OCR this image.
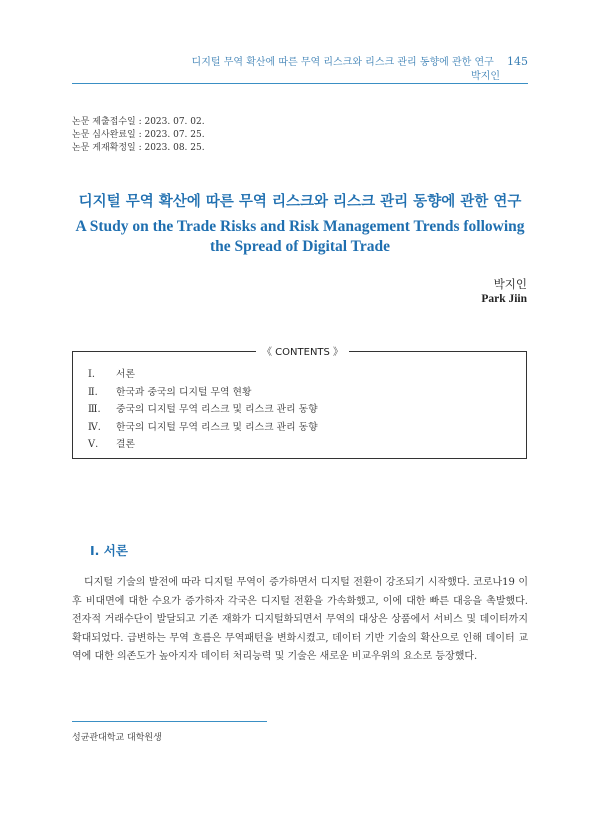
디지털 무역 확산에 따른 무역 리스크와 리스크 관리 동향에 관한 연구 145
박지인
논문 제출접수일 : 2023. 07. 02.
논문 심사완료일 : 2023. 07. 25.
논문 게재확정일 : 2023. 08. 25.
디지털 무역 확산에 따른 무역 리스크와 리스크 관리 동향에 관한 연구
A Study on the Trade Risks and Risk Management Trends following
the Spread of Digital Trade
박지인
Park Jiin
《 CONTENTS 》
Ⅰ. 서론
Ⅱ. 한국과 중국의 디지털 무역 현황
Ⅲ. 중국의 디지털 무역 리스크 및 리스크 관리 동향
Ⅳ. 한국의 디지털 무역 리스크 및 리스크 관리 동향
Ⅴ. 결론
Ⅰ. 서론

디지털 기술의 발전에 따라 디지털 무역이 증가하면서 디지털 전환이 강조되기 시작했다. 코로나19 이후 비대면에 대한 수요가 증가하자 각국은 디지털 전환을 가속화했고, 이에 대한 빠른 대응을 촉발했다. 전자적 거래수단이 발달되고 기존 재화가 디지털화되면서 무역의 대상은 상품에서 서비스 및 데이터까지 확대되었다. 급변하는 무역 흐름은 무역패턴을 변화시켰고, 데이터 기반 기술의 확산으로 인해 데이터 교역에 대한 의존도가 높아지자 데이터 처리능력 및 기술은 새로운 비교우위의 요소로 등장했다.

성균관대학교 대학원생
